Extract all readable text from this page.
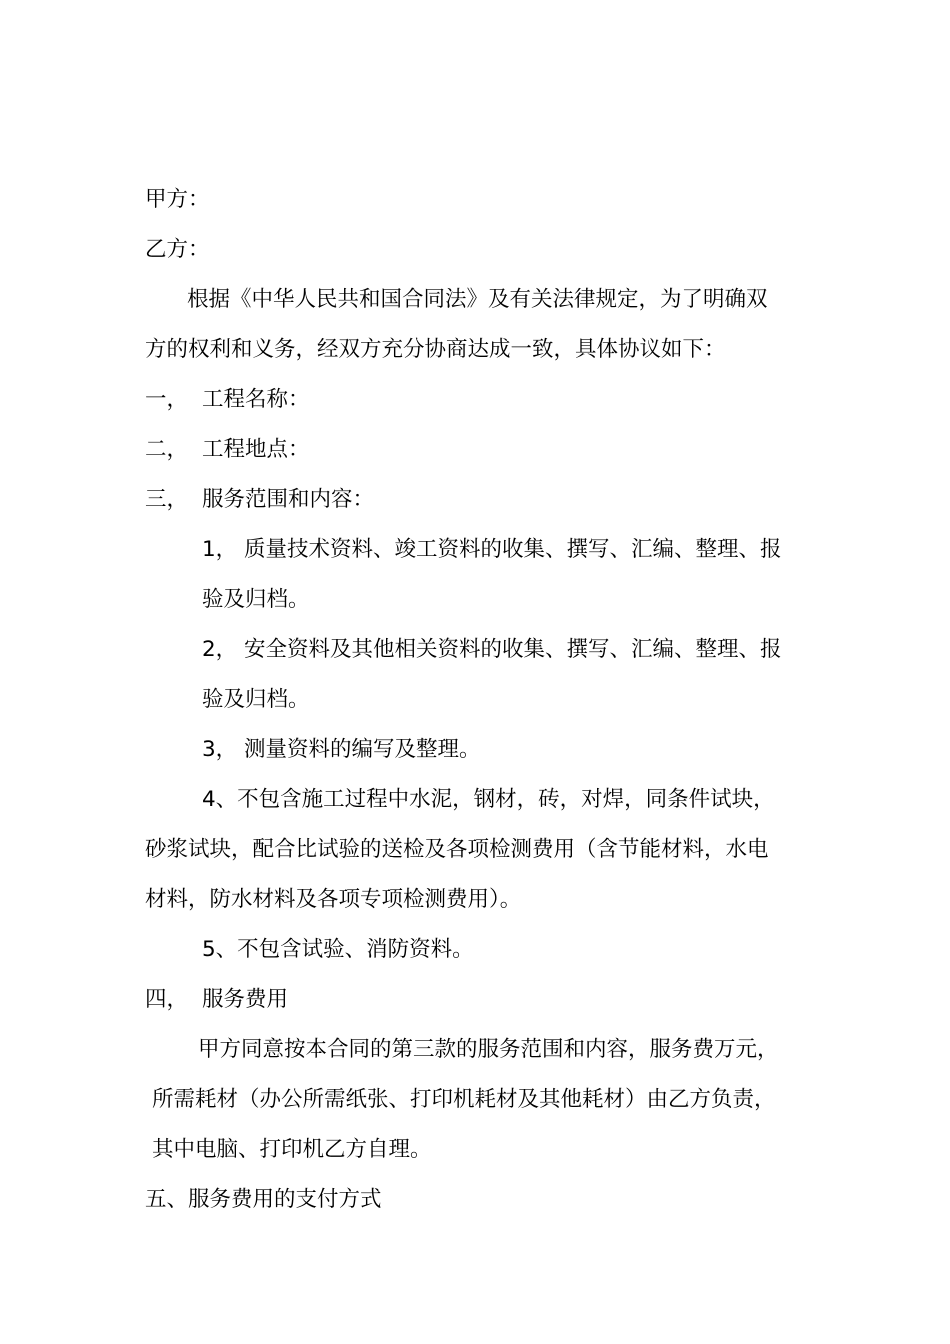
甲方：
乙方：
根据《中华人民共和国合同法》及有关法律规定，为了明确双
方的权利和义务，经双方充分协商达成一致，具体协议如下：
一， 工程名称：
二， 工程地点：
三， 服务范围和内容：
1， 质量技术资料、竣工资料的收集、撰写、汇编、整理、报
验及归档。
2， 安全资料及其他相关资料的收集、撰写、汇编、整理、报
验及归档。
3， 测量资料的编写及整理。
4、不包含施工过程中水泥，钢材，砖，对焊，同条件试块，
砂浆试块，配合比试验的送检及各项检测费用（含节能材料，水电
材料，防水材料及各项专项检测费用）。
5、不包含试验、消防资料。
四， 服务费用
甲方同意按本合同的第三款的服务范围和内容，服务费万元，
所需耗材（办公所需纸张、打印机耗材及其他耗材）由乙方负责，
其中电脑、打印机乙方自理。
五、服务费用的支付方式
